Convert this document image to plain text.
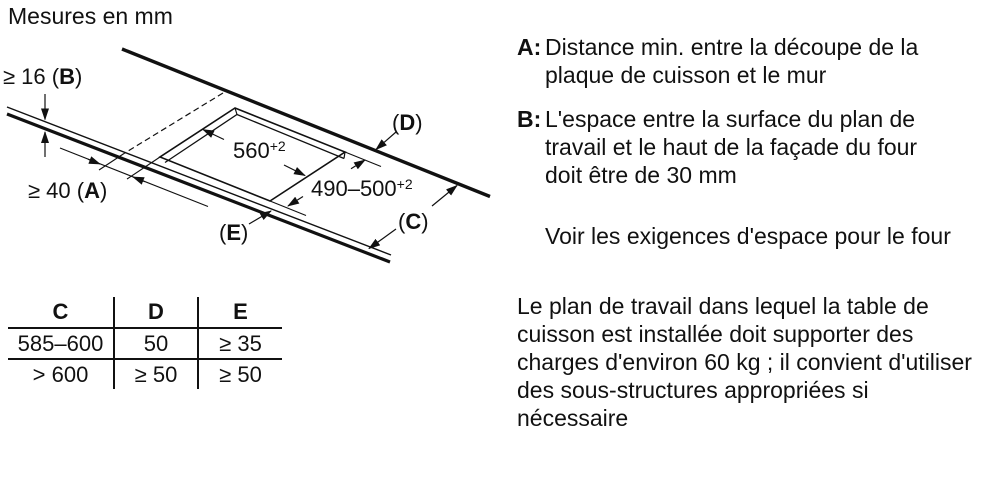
Mesures en mm
≥ 16 (B)
≥ 40 (A)
$560^{+2}$
$490-500^{+2}$
(D)
(C)
(E)
C	D	E
585–600	50	≥ 35
> 600	≥ 50	≥ 50
A: Distance min. entre la découpe de la
plaque de cuisson et le mur
B: L'espace entre la surface du plan de
travail et le haut de la façade du four
doit être de 30 mm
Voir les exigences d'espace pour le four
Le plan de travail dans lequel la table de
cuisson est installée doit supporter des
charges d'environ 60 kg ; il convient d'utiliser
des sous-structures appropriées si
nécessaire
